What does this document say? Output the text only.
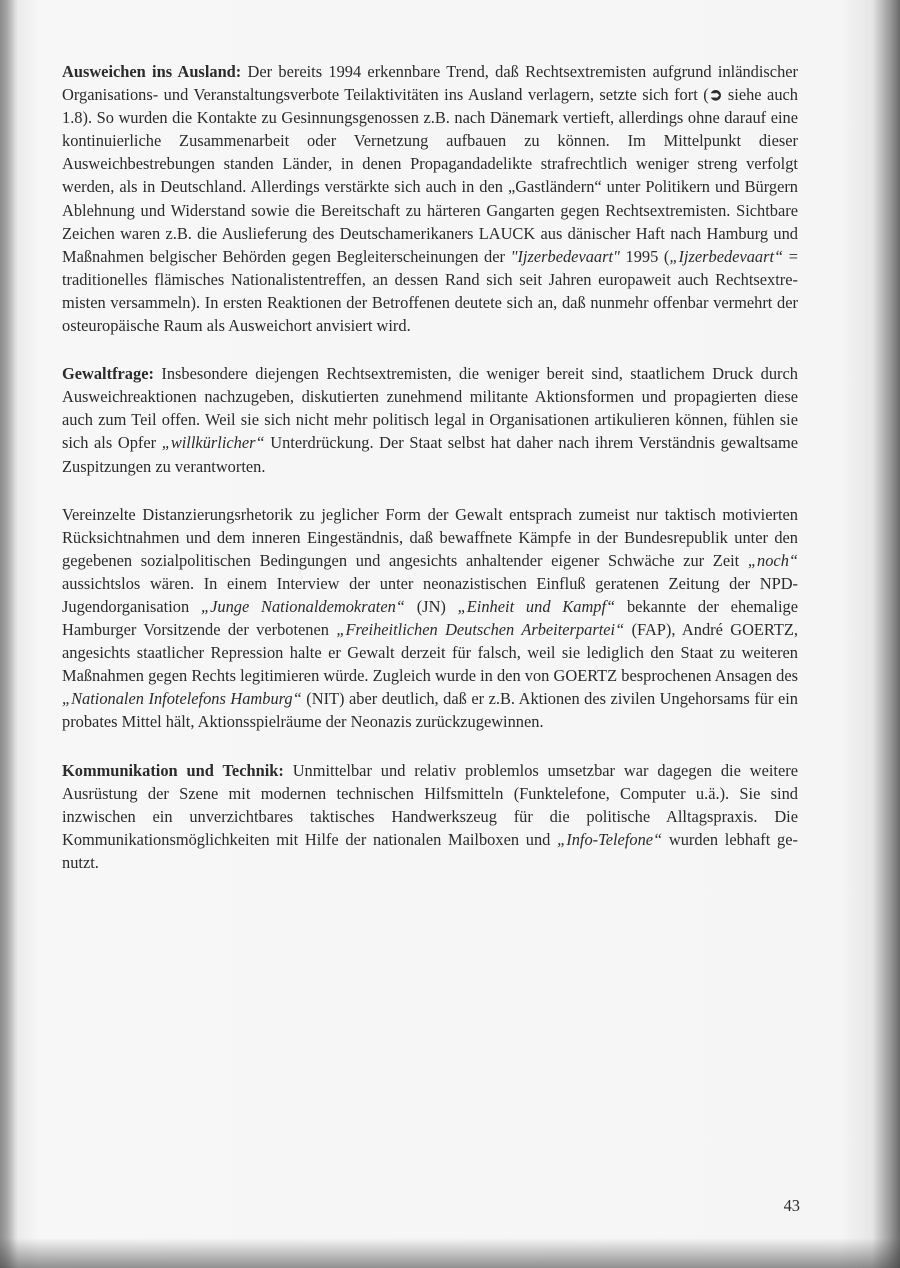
Ausweichen ins Ausland: Der bereits 1994 erkennbare Trend, daß Rechtsextremisten aufgrund inländischer Organisations- und Veranstaltungsverbote Teilaktivitäten ins Ausland verlagern, setzte sich fort (➲ siehe auch 1.8). So wurden die Kontakte zu Gesinnungsgenossen z.B. nach Dänemark vertieft, allerdings ohne darauf eine kontinuierliche Zusammenarbeit oder Vernetzung aufbauen zu können. Im Mittelpunkt dieser Ausweichbestrebungen standen Länder, in denen Propagandadelikte strafrechtlich weniger streng verfolgt werden, als in Deutschland. Allerdings verstärkte sich auch in den „Gastländern“ unter Politikern und Bürgern Ablehnung und Widerstand sowie die Bereitschaft zu härteren Gangarten gegen Rechtsextremisten. Sichtbare Zeichen waren z.B. die Auslieferung des Deutschamerikaners LAUCK aus dänischer Haft nach Hamburg und Maßnahmen belgischer Behörden gegen Begleiterscheinungen der "Ijzerbedevaart" 1995 („Ijzerbedevaart“ = traditionelles flämisches Nationalistentreffen, an dessen Rand sich seit Jahren europaweit auch Rechtsextremisten versammeln). In ersten Reaktionen der Betroffenen deutete sich an, daß nunmehr offenbar vermehrt der osteuropäische Raum als Ausweichort anvisiert wird.

Gewaltfrage: Insbesondere diejengen Rechtsextremisten, die weniger bereit sind, staatlichem Druck durch Ausweichreaktionen nachzugeben, diskutierten zunehmend militante Aktionsformen und propagierten diese auch zum Teil offen. Weil sie sich nicht mehr politisch legal in Organisationen artikulieren können, fühlen sie sich als Opfer „willkürlicher“ Unterdrückung. Der Staat selbst hat daher nach ihrem Verständnis gewaltsame Zuspitzungen zu verantworten.

Vereinzelte Distanzierungsrhetorik zu jeglicher Form der Gewalt entsprach zumeist nur taktisch motivierten Rücksichtnahmen und dem inneren Eingeständnis, daß bewaffnete Kämpfe in der Bundesrepublik unter den gegebenen sozialpolitischen Bedingungen und angesichts anhaltender eigener Schwäche zur Zeit „noch“ aussichtslos wären. In einem Interview der unter neonazistischen Einfluß geratenen Zeitung der NPD-Jugendorganisation „Junge Nationaldemokraten“ (JN) „Einheit und Kampf“ bekannte der ehemalige Hamburger Vorsitzende der verbotenen „Freiheitlichen Deutschen Arbeiterpartei“ (FAP), André GOERTZ, angesichts staatlicher Repression halte er Gewalt derzeit für falsch, weil sie lediglich den Staat zu weiteren Maßnahmen gegen Rechts legitimieren würde. Zugleich wurde in den von GOERTZ besprochenen Ansagen des „Nationalen Infotelefons Hamburg“ (NIT) aber deutlich, daß er z.B. Aktionen des zivilen Ungehorsams für ein probates Mittel hält, Aktionsspielräume der Neonazis zurückzugewinnen.

Kommunikation und Technik: Unmittelbar und relativ problemlos umsetzbar war dagegen die weitere Ausrüstung der Szene mit modernen technischen Hilfsmitteln (Funktelefone, Computer u.ä.). Sie sind inzwischen ein unverzichtbares taktisches Handwerkszeug für die politische Alltagspraxis. Die Kommunikationsmöglichkeiten mit Hilfe der nationalen Mailboxen und „Info-Telefone“ wurden lebhaft genutzt.

43
